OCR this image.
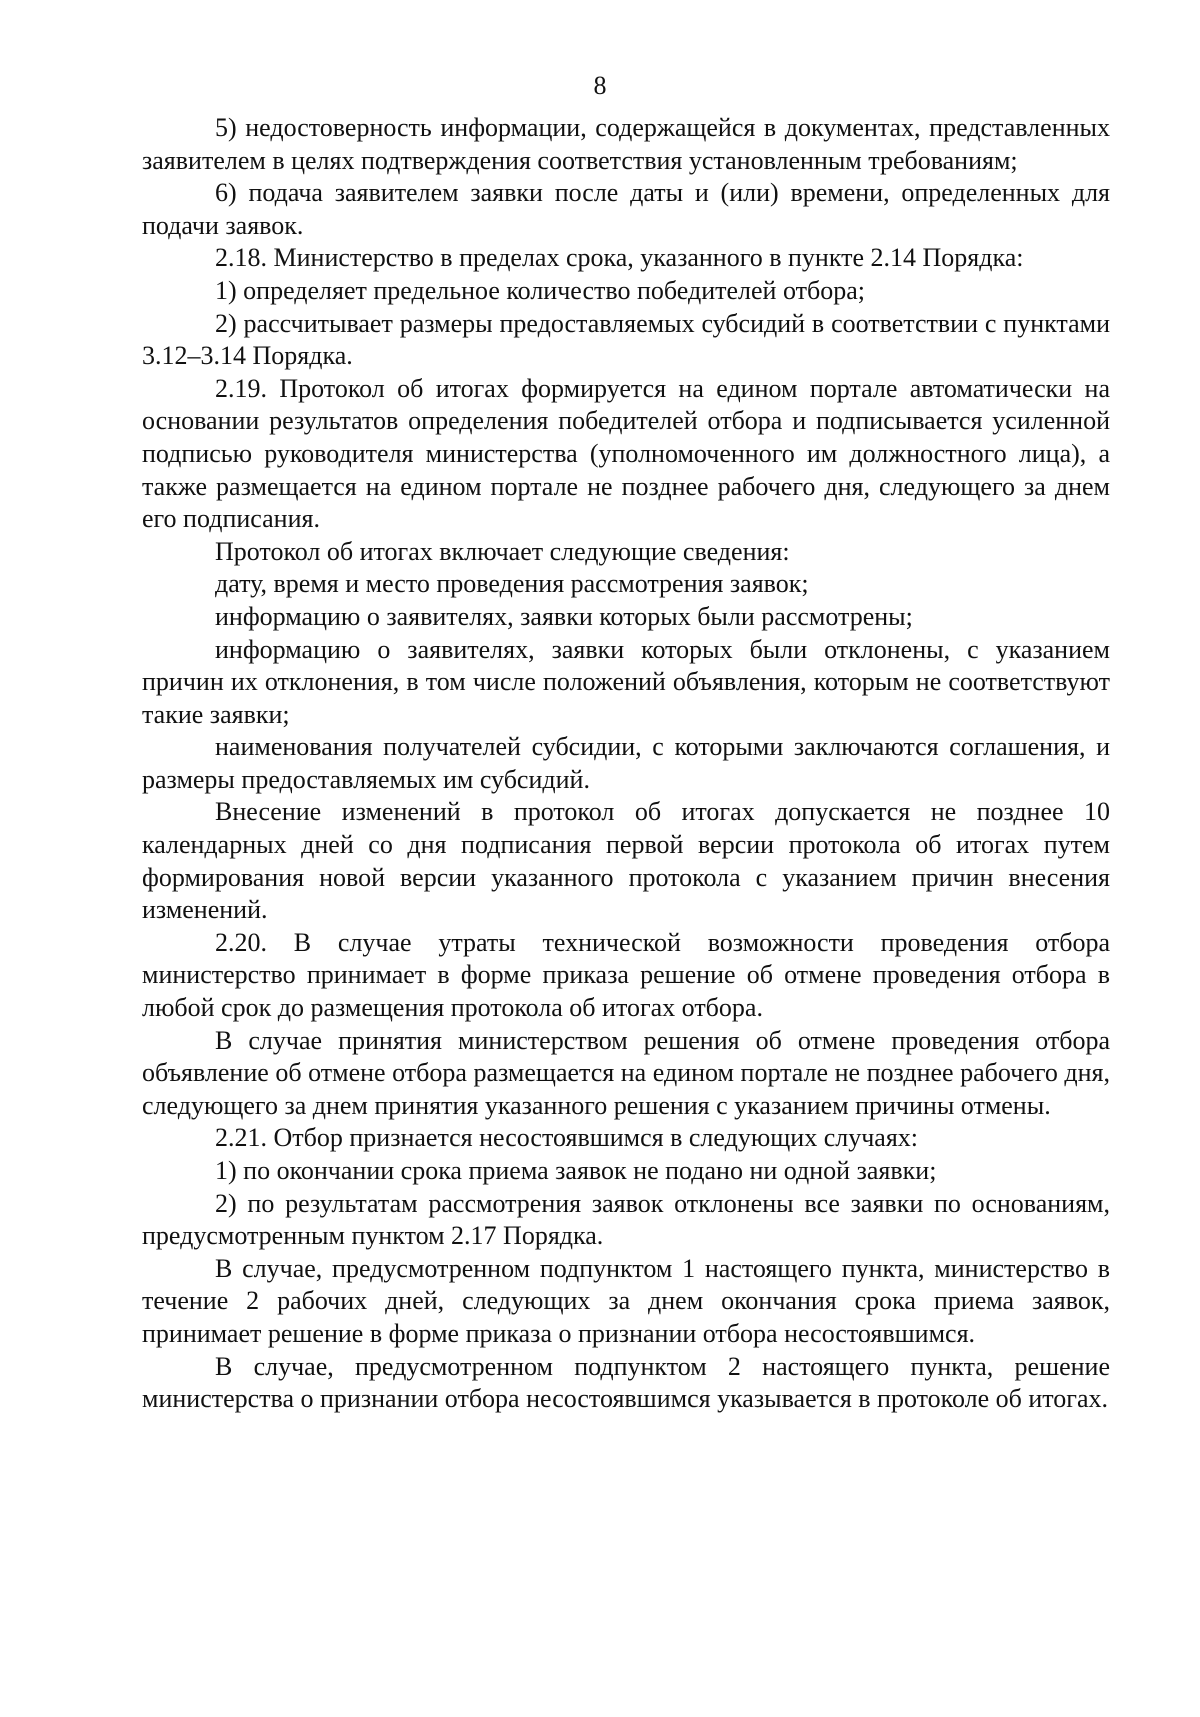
8

5) недостоверность информации, содержащейся в документах, представленных заявителем в целях подтверждения соответствия установленным требованиям;

6) подача заявителем заявки после даты и (или) времени, определенных для подачи заявок.

2.18. Министерство в пределах срока, указанного в пункте 2.14 Порядка:

1) определяет предельное количество победителей отбора;

2) рассчитывает размеры предоставляемых субсидий в соответствии с пунктами 3.12–3.14 Порядка.

2.19. Протокол об итогах формируется на едином портале автоматически на основании результатов определения победителей отбора и подписывается усиленной подписью руководителя министерства (уполномоченного им должностного лица), а также размещается на едином портале не позднее рабочего дня, следующего за днем его подписания.

Протокол об итогах включает следующие сведения:

дату, время и место проведения рассмотрения заявок;

информацию о заявителях, заявки которых были рассмотрены;

информацию о заявителях, заявки которых были отклонены, с указанием причин их отклонения, в том числе положений объявления, которым не соответствуют такие заявки;

наименования получателей субсидии, с которыми заключаются соглашения, и размеры предоставляемых им субсидий.

Внесение изменений в протокол об итогах допускается не позднее 10 календарных дней со дня подписания первой версии протокола об итогах путем формирования новой версии указанного протокола с указанием причин внесения изменений.

2.20. В случае утраты технической возможности проведения отбора министерство принимает в форме приказа решение об отмене проведения отбора в любой срок до размещения протокола об итогах отбора.

В случае принятия министерством решения об отмене проведения отбора объявление об отмене отбора размещается на едином портале не позднее рабочего дня, следующего за днем принятия указанного решения с указанием причины отмены.

2.21. Отбор признается несостоявшимся в следующих случаях:

1) по окончании срока приема заявок не подано ни одной заявки;

2) по результатам рассмотрения заявок отклонены все заявки по основаниям, предусмотренным пунктом 2.17 Порядка.

В случае, предусмотренном подпунктом 1 настоящего пункта, министерство в течение 2 рабочих дней, следующих за днем окончания срока приема заявок, принимает решение в форме приказа о признании отбора несостоявшимся.

В случае, предусмотренном подпунктом 2 настоящего пункта, решение министерства о признании отбора несостоявшимся указывается в протоколе об итогах.
